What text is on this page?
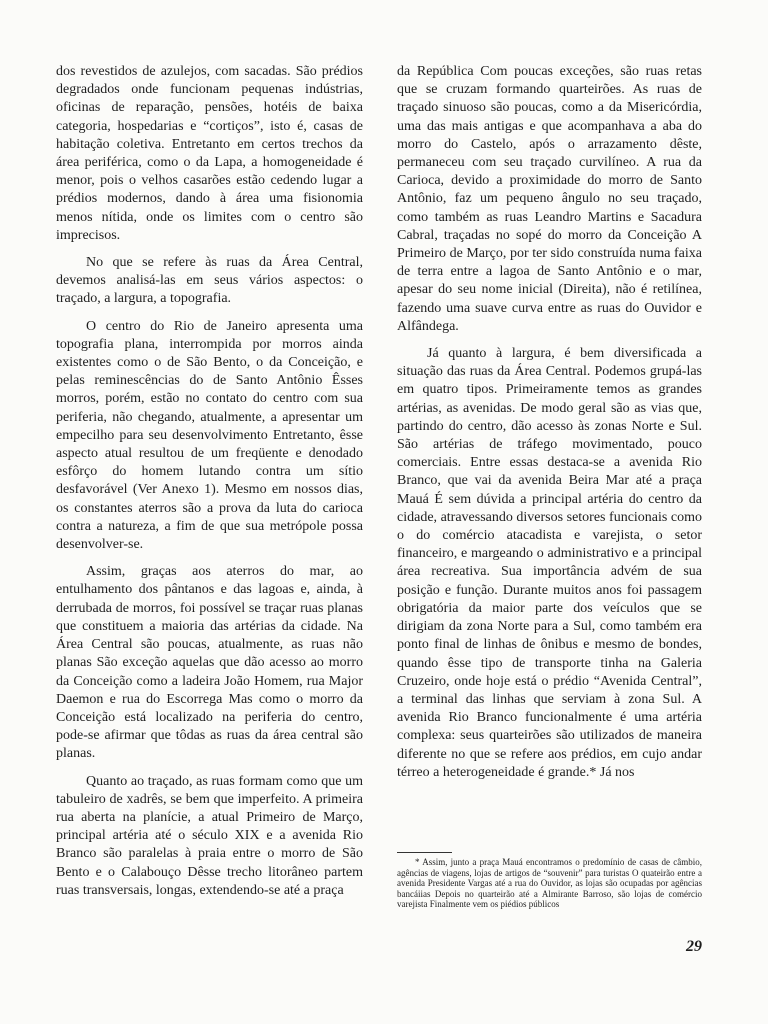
dos revestidos de azulejos, com sacadas. São prédios degradados onde funcionam pequenas indústrias, oficinas de reparação, pensões, hotéis de baixa categoria, hospedarias e “cortiços”, isto é, casas de habitação coletiva. Entretanto em certos trechos da área periférica, como o da Lapa, a homogeneidade é menor, pois o velhos casarões estão cedendo lugar a prédios modernos, dando à área uma fisionomia menos nítida, onde os limites com o centro são imprecisos.

No que se refere às ruas da Área Central, devemos analisá-las em seus vários aspectos: o traçado, a largura, a topografia.

O centro do Rio de Janeiro apresenta uma topografia plana, interrompida por morros ainda existentes como o de São Bento, o da Conceição, e pelas reminescências do de Santo Antônio Êsses morros, porém, estão no contato do centro com sua periferia, não chegando, atualmente, a apresentar um empecilho para seu desenvolvimento Entretanto, êsse aspecto atual resultou de um freqüente e denodado esfôrço do homem lutando contra um sítio desfavorável (Ver Anexo 1). Mesmo em nossos dias, os constantes aterros são a prova da luta do carioca contra a natureza, a fim de que sua metrópole possa desenvolver-se.

Assim, graças aos aterros do mar, ao entulhamento dos pântanos e das lagoas e, ainda, à derrubada de morros, foi possível se traçar ruas planas que constituem a maioria das artérias da cidade. Na Área Central são poucas, atualmente, as ruas não planas São exceção aquelas que dão acesso ao morro da Conceição como a ladeira João Homem, rua Major Daemon e rua do Escorrega Mas como o morro da Conceição está localizado na periferia do centro, pode-se afirmar que tôdas as ruas da área central são planas.

Quanto ao traçado, as ruas formam como que um tabuleiro de xadrês, se bem que imperfeito. A primeira rua aberta na planície, a atual Primeiro de Março, principal artéria até o século XIX e a avenida Rio Branco são paralelas à praia entre o morro de São Bento e o Calabouço Dêsse trecho litorâneo partem ruas transversais, longas, extendendo-se até a praça

da República Com poucas exceções, são ruas retas que se cruzam formando quarteirões. As ruas de traçado sinuoso são poucas, como a da Misericórdia, uma das mais antigas e que acompanhava a aba do morro do Castelo, após o arrazamento dêste, permaneceu com seu traçado curvilíneo. A rua da Carioca, devido a proximidade do morro de Santo Antônio, faz um pequeno ângulo no seu traçado, como também as ruas Leandro Martins e Sacadura Cabral, traçadas no sopé do morro da Conceição A Primeiro de Março, por ter sido construída numa faixa de terra entre a lagoa de Santo Antônio e o mar, apesar do seu nome inicial (Direita), não é retilínea, fazendo uma suave curva entre as ruas do Ouvidor e Alfândega.

Já quanto à largura, é bem diversificada a situação das ruas da Área Central. Podemos grupá-las em quatro tipos. Primeiramente temos as grandes artérias, as avenidas. De modo geral são as vias que, partindo do centro, dão acesso às zonas Norte e Sul. São artérias de tráfego movimentado, pouco comerciais. Entre essas destaca-se a avenida Rio Branco, que vai da avenida Beira Mar até a praça Mauá É sem dúvida a principal artéria do centro da cidade, atravessando diversos setores funcionais como o do comércio atacadista e varejista, o setor financeiro, e margeando o administrativo e a principal área recreativa. Sua importância advém de sua posição e função. Durante muitos anos foi passagem obrigatória da maior parte dos veículos que se dirigiam da zona Norte para a Sul, como também era ponto final de linhas de ônibus e mesmo de bondes, quando êsse tipo de transporte tinha na Galeria Cruzeiro, onde hoje está o prédio “Avenida Central”, a terminal das linhas que serviam à zona Sul. A avenida Rio Branco funcionalmente é uma artéria complexa: seus quarteirões são utilizados de maneira diferente no que se refere aos prédios, em cujo andar térreo a heterogeneidade é grande.* Já nos

* Assim, junto a praça Mauá encontramos o predomínio de casas de câmbio, agências de viagens, lojas de artigos de “souvenir” para turistas O quateirão entre a avenida Presidente Vargas até a rua do Ouvidor, as lojas são ocupadas por agências bancáiias Depois no quarteirão até a Almirante Barroso, são lojas de comércio varejista Finalmente vem os piédios públicos

29
